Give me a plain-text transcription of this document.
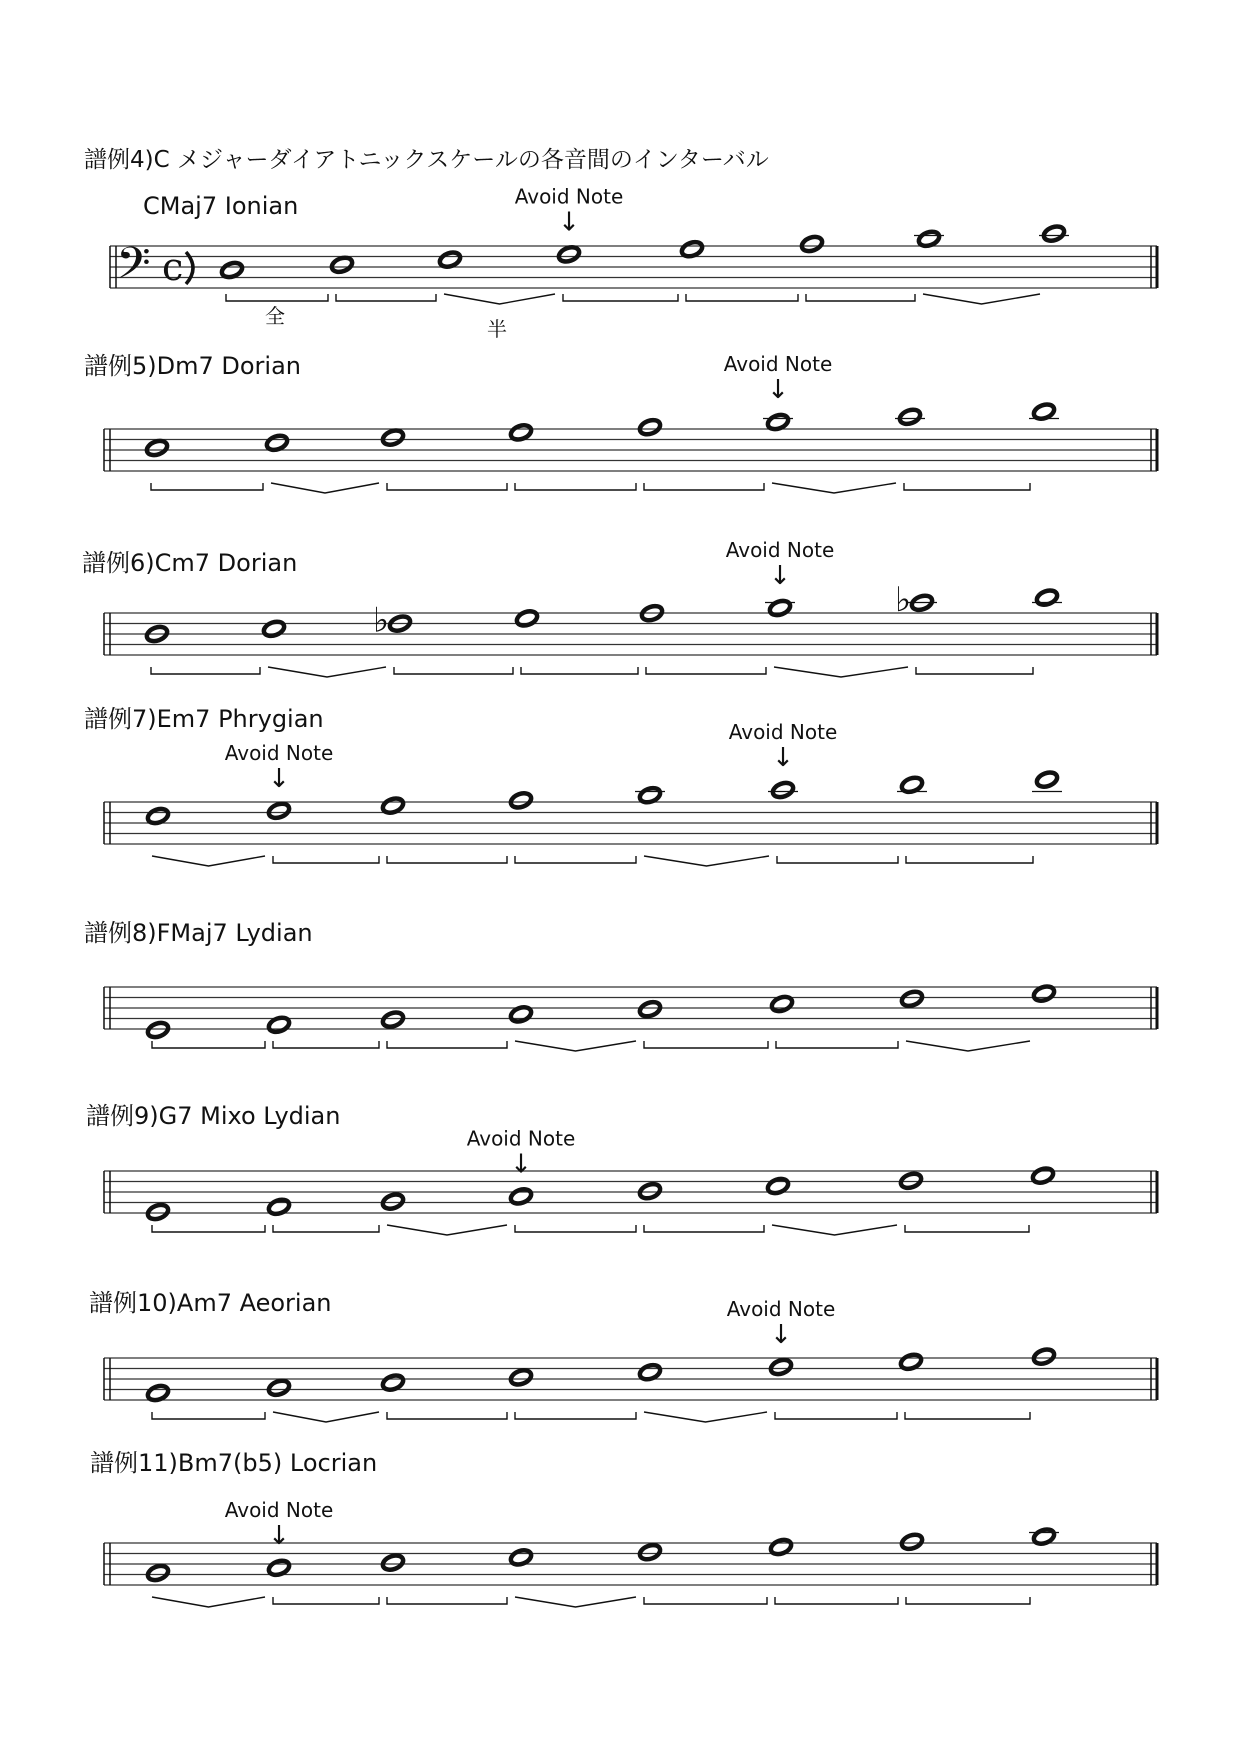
譜例4)C メジャーダイアトニックスケールの各音間のインターバル
CMaj7 Ionian
𝄢 c
↓
Avoid Note
全
半
譜例5)Dm7 Dorian
↓
Avoid Note
譜例6)Cm7 Dorian
♭
♭
↓
Avoid Note
譜例7)Em7 Phrygian
↓
Avoid Note	↓
Avoid Note
譜例8)FMaj7 Lydian
譜例9)G7 Mixo Lydian
↓
Avoid Note
譜例10)Am7 Aeorian
↓
Avoid Note
譜例11)Bm7(b5) Locrian
↓
Avoid Note
